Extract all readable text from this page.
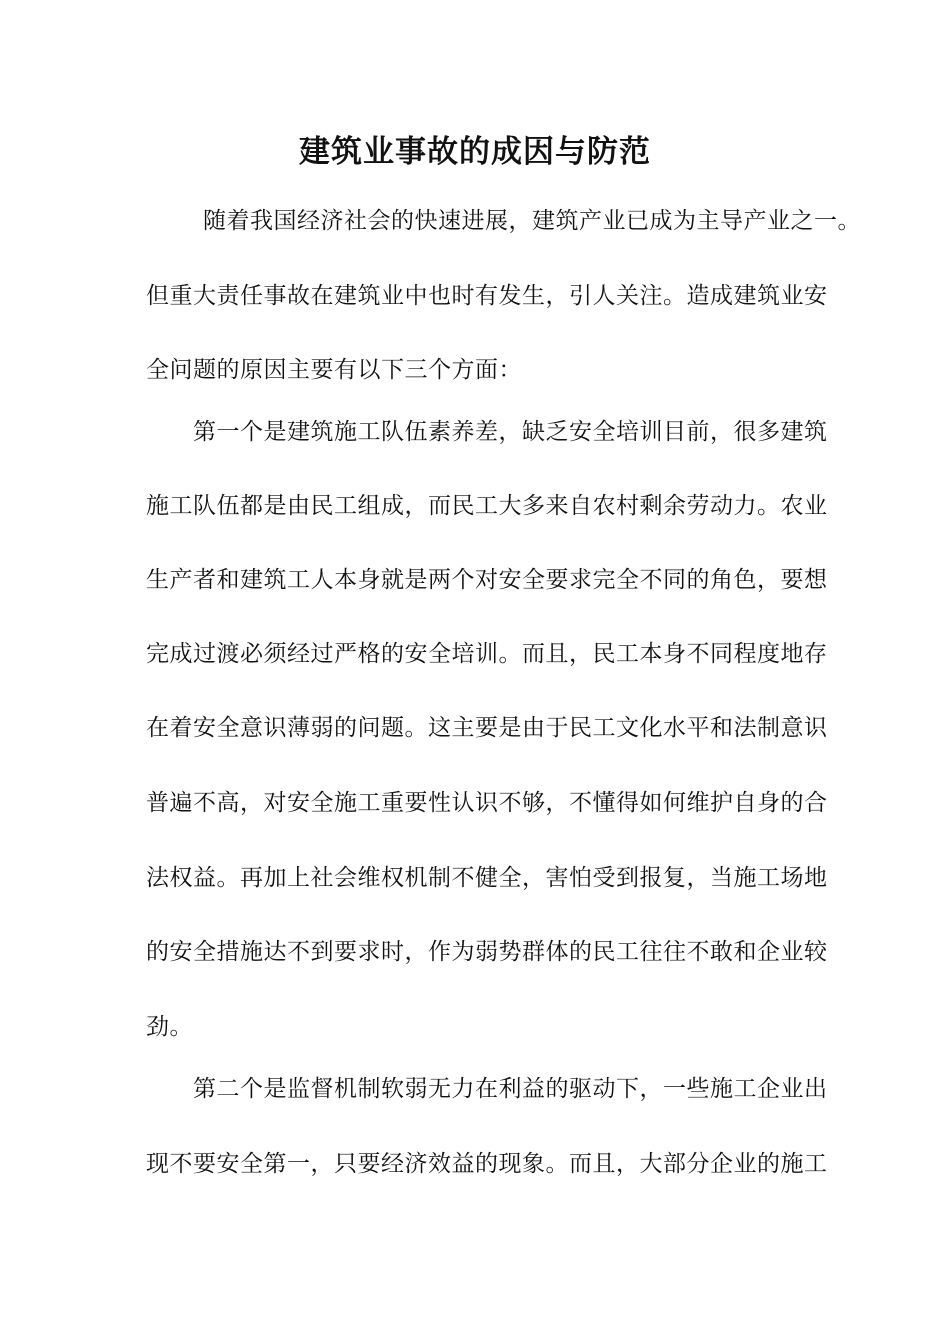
建筑业事故的成因与防范
随着我国经济社会的快速进展，建筑产业已成为主导产业之一。
但重大责任事故在建筑业中也时有发生，引人关注。造成建筑业安
全问题的原因主要有以下三个方面：
第一个是建筑施工队伍素养差，缺乏安全培训目前，很多建筑
施工队伍都是由民工组成，而民工大多来自农村剩余劳动力。农业
生产者和建筑工人本身就是两个对安全要求完全不同的角色，要想
完成过渡必须经过严格的安全培训。而且，民工本身不同程度地存
在着安全意识薄弱的问题。这主要是由于民工文化水平和法制意识
普遍不高，对安全施工重要性认识不够，不懂得如何维护自身的合
法权益。再加上社会维权机制不健全，害怕受到报复，当施工场地
的安全措施达不到要求时，作为弱势群体的民工往往不敢和企业较
劲。
第二个是监督机制软弱无力在利益的驱动下，一些施工企业出
现不要安全第一，只要经济效益的现象。而且，大部分企业的施工
